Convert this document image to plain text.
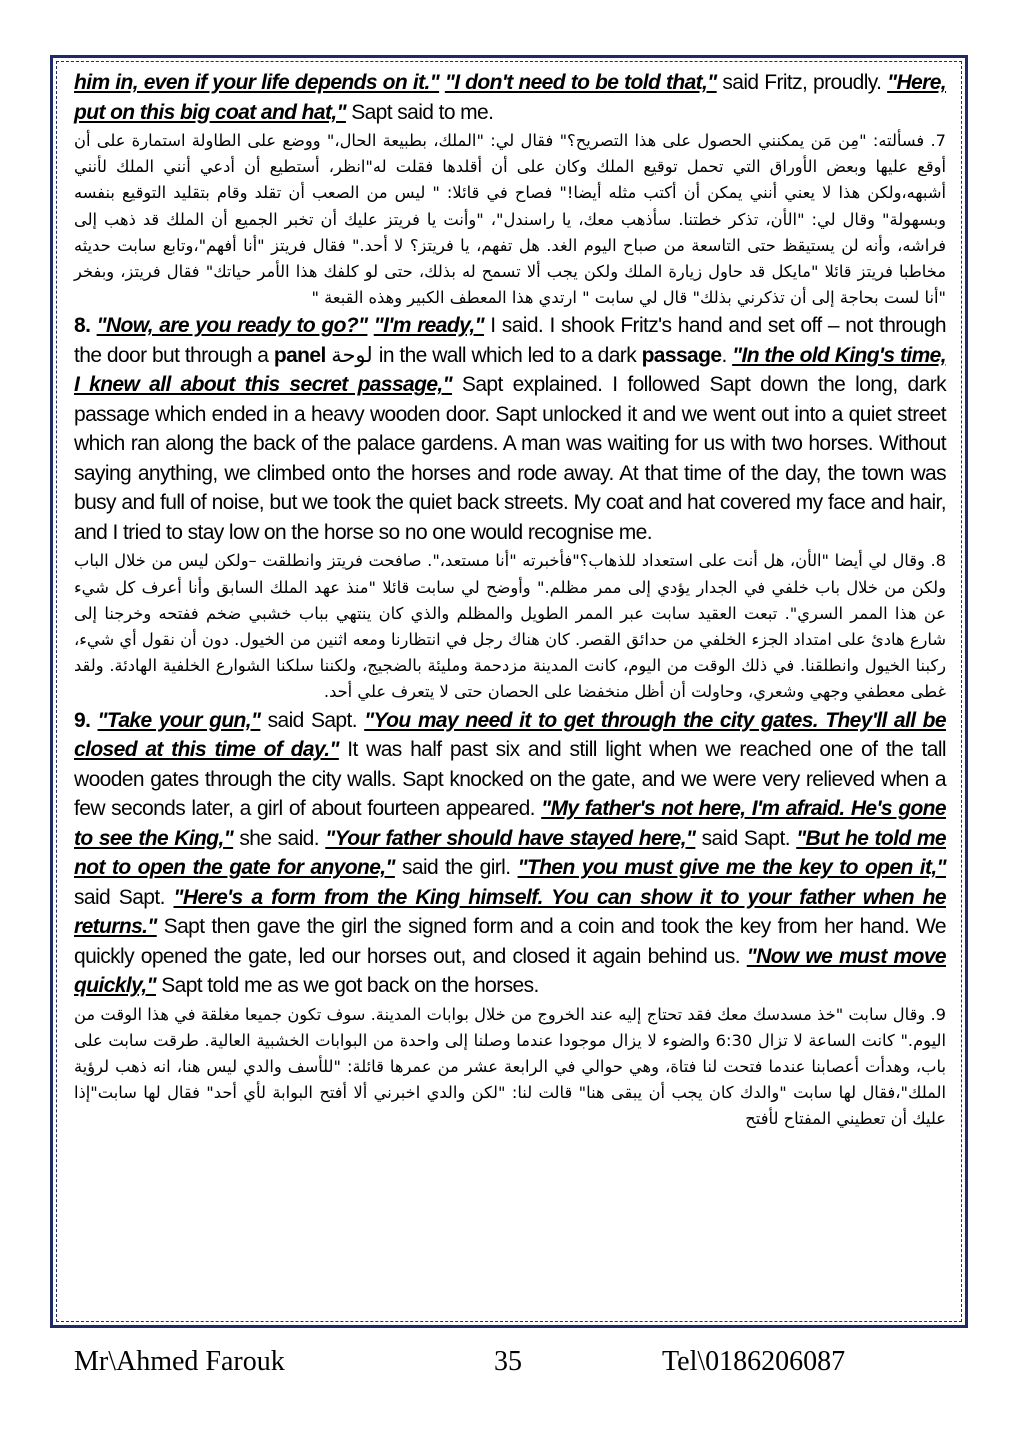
him in, even if your life depends on it." "I don't need to be told that," said Fritz, proudly. "Here, put on this big coat and hat," Sapt said to me.

7. فسألته: "مِن مَن يمكنني الحصول على هذا التصريح؟" فقال لي: "الملك، بطبيعة الحال،" ووضع على الطاولة استمارة على أن أوقع عليها وبعض الأوراق التي تحمل توقيع الملك وكان على أن أقلدها فقلت له"انظر، أستطيع أن أدعي أنني الملك لأنني أشبهه،ولكن هذا لا يعني أنني يمكن أن أكتب مثله أيضا!" فصاح في قائلا: " ليس من الصعب أن تقلد وقام بتقليد التوقيع بنفسه وبسهولة" وقال لي: "الأن، تذكر خطتنا. سأذهب معك، يا راسندل"، "وأنت يا فريتز عليك أن تخبر الجميع أن الملك قد ذهب إلى فراشه، وأنه لن يستيقظ حتى التاسعة من صباح اليوم الغد. هل تفهم، يا فريتز؟ لا أحد." فقال فريتز "أنا أفهم"،وتابع سابت حديثه مخاطبا فريتز قائلا "مايكل قد حاول زيارة الملك ولكن يجب ألا تسمح له بذلك، حتى لو كلفك هذا الأمر حياتك" فقال فريتز، وبفخر "أنا لست بحاجة إلى أن تذكرني بذلك" قال لي سابت " ارتدي هذا المعطف الكبير وهذه القبعة "

8. "Now, are you ready to go?" "I'm ready," I said. I shook Fritz's hand and set off – not through the door but through a panel لوحة in the wall which led to a dark passage. "In the old King's time, I knew all about this secret passage," Sapt explained. I followed Sapt down the long, dark passage which ended in a heavy wooden door. Sapt unlocked it and we went out into a quiet street which ran along the back of the palace gardens. A man was waiting for us with two horses. Without saying anything, we climbed onto the horses and rode away. At that time of the day, the town was busy and full of noise, but we took the quiet back streets. My coat and hat covered my face and hair, and I tried to stay low on the horse so no one would recognise me.

8. وقال لي أيضا "الأن، هل أنت على استعداد للذهاب؟"فأخبرته "أنا مستعد،". صافحت فريتز وانطلقت –ولكن ليس من خلال الباب ولكن من خلال باب خلفي في الجدار يؤدي إلى ممر مظلم." وأوضح لي سابت قائلا "منذ عهد الملك السابق وأنا أعرف كل شيء عن هذا الممر السري". تبعت العقيد سابت عبر الممر الطويل والمظلم والذي كان ينتهي بباب خشبي ضخم ففتحه وخرجنا إلى شارع هادئ على امتداد الجزء الخلفي من حدائق القصر. كان هناك رجل في انتظارنا ومعه اثنين من الخيول. دون أن نقول أي شيء، ركبنا الخيول وانطلقنا. في ذلك الوقت من اليوم، كانت المدينة مزدحمة ومليئة بالضجيج، ولكننا سلكنا الشوارع الخلفية الهادئة. ولقد غطى معطفي وجهي وشعري، وحاولت أن أظل منخفضا على الحصان حتى لا يتعرف علي أحد.

9. "Take your gun," said Sapt. "You may need it to get through the city gates. They'll all be closed at this time of day." It was half past six and still light when we reached one of the tall wooden gates through the city walls. Sapt knocked on the gate, and we were very relieved when a few seconds later, a girl of about fourteen appeared. "My father's not here, I'm afraid. He's gone to see the King," she said. "Your father should have stayed here," said Sapt. "But he told me not to open the gate for anyone," said the girl. "Then you must give me the key to open it," said Sapt. "Here's a form from the King himself. You can show it to your father when he returns." Sapt then gave the girl the signed form and a coin and took the key from her hand. We quickly opened the gate, led our horses out, and closed it again behind us. "Now we must move quickly," Sapt told me as we got back on the horses.

9. وقال سابت "خذ مسدسك معك فقد تحتاج إليه عند الخروج من خلال بوابات المدينة. سوف تكون جميعا مغلقة في هذا الوقت من اليوم." كانت الساعة لا تزال 6:30 والضوء لا يزال موجودا عندما وصلنا إلى واحدة من البوابات الخشبية العالية. طرقت سابت على باب، وهدأت أعصابنا عندما فتحت لنا فتاة، وهي حوالي في الرابعة عشر من عمرها قائلة: "للأسف والدي ليس هنا، انه ذهب لرؤية الملك"،فقال لها سابت "والدك كان يجب أن يبقى هنا" قالت لنا: "لكن والدي اخبرني ألا أفتح البوابة لأي أحد" فقال لها سابت"إذا عليك أن تعطيني المفتاح لأفتح

Mr\Ahmed Farouk	35	Tel\0186206087
